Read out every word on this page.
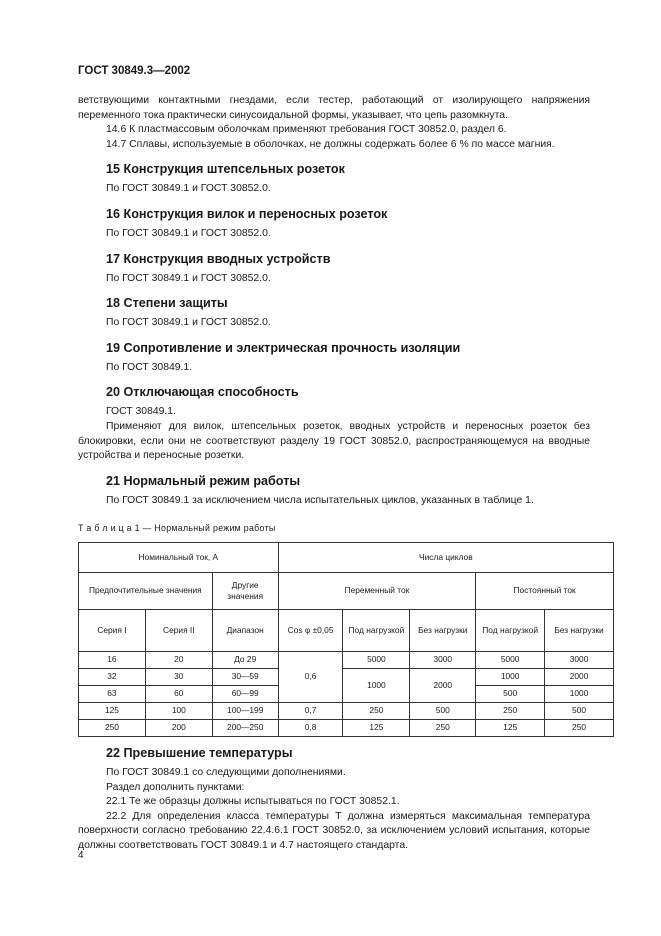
ГОСТ 30849.3—2002

ветствующими контактными гнездами, если тестер, работающий от изолирующего напряжения переменного тока практически синусоидальной формы, указывает, что цепь разомкнута.

14.6 К пластмассовым оболочкам применяют требования ГОСТ 30852.0, раздел 6.

14.7 Сплавы, используемые в оболочках, не должны содержать более 6 % по массе магния.

15 Конструкция штепсельных розеток

По ГОСТ 30849.1 и ГОСТ 30852.0.

16 Конструкция вилок и переносных розеток

По ГОСТ 30849.1 и ГОСТ 30852.0.

17 Конструкция вводных устройств

По ГОСТ 30849.1 и ГОСТ 30852.0.

18 Степени защиты

По ГОСТ 30849.1 и ГОСТ 30852.0.

19 Сопротивление и электрическая прочность изоляции

По ГОСТ 30849.1.

20 Отключающая способность

ГОСТ 30849.1.

Применяют для вилок, штепсельных розеток, вводных устройств и переносных розеток без блокировки, если они не соответствуют разделу 19 ГОСТ 30852.0, распространяющемуся на вводные устройства и переносные розетки.

21 Нормальный режим работы

По ГОСТ 30849.1 за исключением числа испытательных циклов, указанных в таблице 1.

Т а б л и ц а 1 — Нормальный режим работы
Номинальный ток, А			Числа циклов				
Предпочтительные значения		Другие значения	Переменный ток			Постоянный ток	
Серия I	Серия II	Диапазон	Cos φ ±0,05	Под нагрузкой	Без нагрузки	Под нагрузкой	Без нагрузки
16	20	До 29	0,6	5000	3000	5000	3000
32	30	30—59		1000	2000	1000	2000
63	60	60—99				500	1000
125	100	100—199	0,7	250	500	250	500
250	200	200—250	0,8	125	250	125	250
22 Превышение температуры

По ГОСТ 30849.1 со следующими дополнениями.

Раздел дополнить пунктами:

22.1 Те же образцы должны испытываться по ГОСТ 30852.1.

22.2 Для определения класса температуры Т должна измеряться максимальная температура поверхности согласно требованию 22.4.6.1 ГОСТ 30852.0, за исключением условий испытания, которые должны соответствовать ГОСТ 30849.1 и 4.7 настоящего стандарта.

4
